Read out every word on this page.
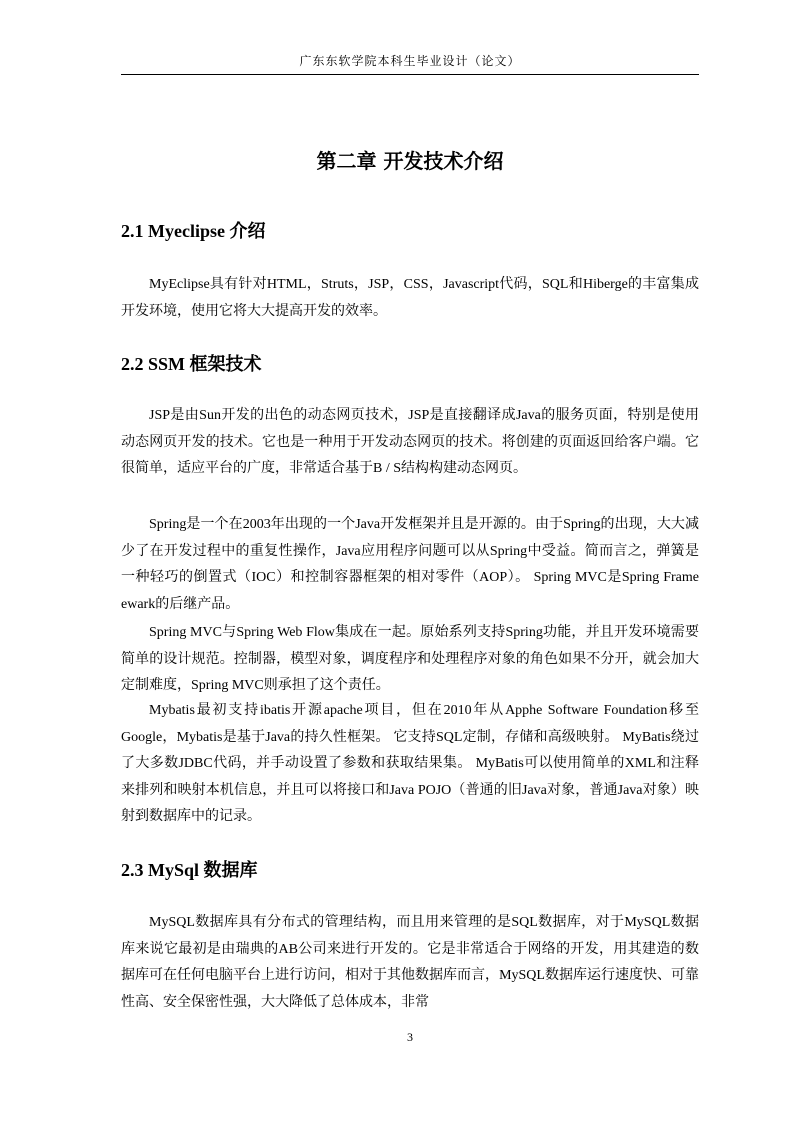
广东东软学院本科生毕业设计（论文）
第二章 开发技术介绍
2.1 Myeclipse 介绍

MyEclipse具有针对HTML，Struts，JSP，CSS，Javascript代码，SQL和Hiberge的丰富集成开发环境，使用它将大大提高开发的效率。

2.2 SSM 框架技术

JSP是由Sun开发的出色的动态网页技术，JSP是直接翻译成Java的服务页面，特别是使用动态网页开发的技术。它也是一种用于开发动态网页的技术。将创建的页面返回给客户端。它很简单，适应平台的广度，非常适合基于B / S结构构建动态网页。

Spring是一个在2003年出现的一个Java开发框架并且是开源的。由于Spring的出现，大大减少了在开发过程中的重复性操作，Java应用程序问题可以从Spring中受益。简而言之，弹簧是一种轻巧的倒置式（IOC）和控制容器框架的相对零件（AOP）。 Spring MVC是Spring Frame ewark的后继产品。

Spring MVC与Spring Web Flow集成在一起。原始系列支持Spring功能，并且开发环境需要简单的设计规范。控制器，模型对象，调度程序和处理程序对象的角色如果不分开，就会加大定制难度，Spring MVC则承担了这个责任。

Mybatis最初支持ibatis开源apache项目，但在2010年从Apphe Software Foundation移至Google，Mybatis是基于Java的持久性框架。 它支持SQL定制，存储和高级映射。 MyBatis绕过了大多数JDBC代码，并手动设置了参数和获取结果集。 MyBatis可以使用简单的XML和注释来排列和映射本机信息，并且可以将接口和Java POJO（普通的旧Java对象，普通Java对象）映射到数据库中的记录。

2.3 MySql 数据库

MySQL数据库具有分布式的管理结构，而且用来管理的是SQL数据库，对于MySQL数据库来说它最初是由瑞典的AB公司来进行开发的。它是非常适合于网络的开发，用其建造的数据库可在任何电脑平台上进行访问，相对于其他数据库而言，MySQL数据库运行速度快、可靠性高、安全保密性强，大大降低了总体成本，非常

3
